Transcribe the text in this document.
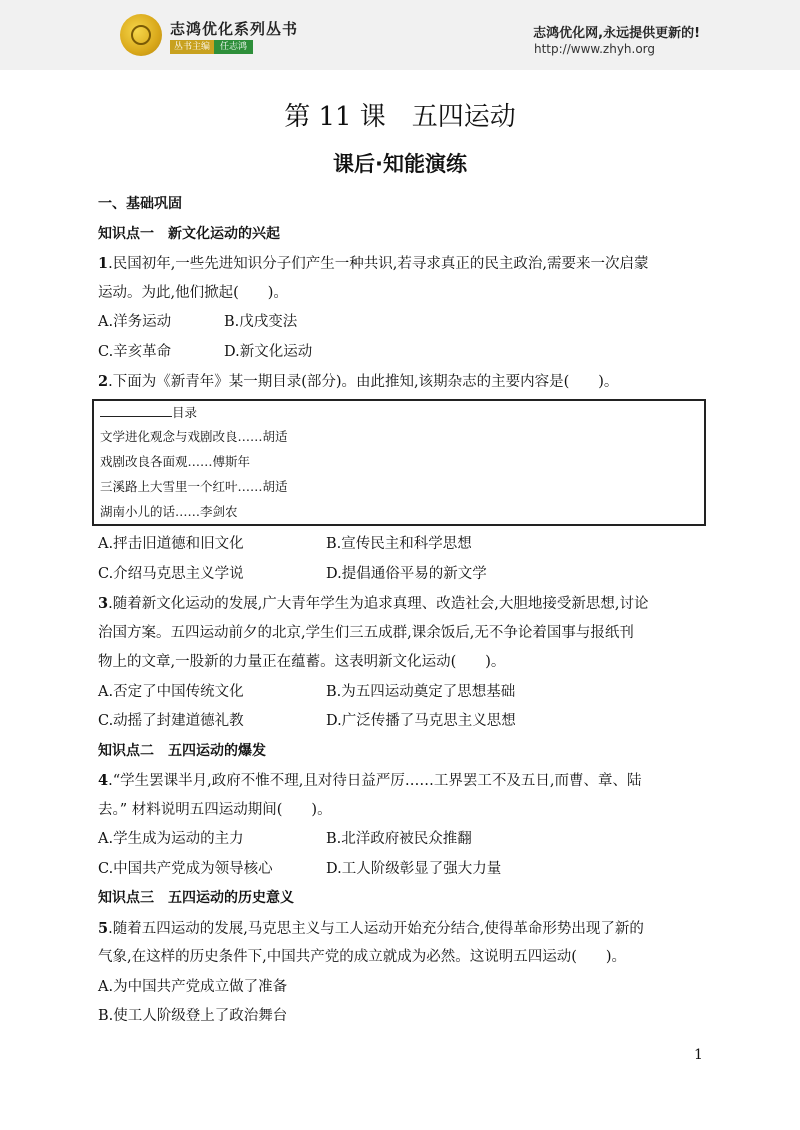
志鸿优化系列丛书
丛书主编	任志鸿
志鸿优化网,永远提供更新的!
http://www.zhyh.org
第 11 课　五四运动
课后·知能演练
一、基础巩固
知识点一　新文化运动的兴起
1.民国初年,一些先进知识分子们产生一种共识,若寻求真正的民主政治,需要来一次启蒙
运动。为此,他们掀起(　　)。
A.洋务运动	B.戊戌变法
C.辛亥革命	D.新文化运动
2.下面为《新青年》某一期目录(部分)。由此推知,该期杂志的主要内容是(　　)。
目录
文学进化观念与戏剧改良……胡适
戏剧改良各面观……傅斯年
三溪路上大雪里一个红叶……胡适
湖南小儿的话……李剑农
A.抨击旧道德和旧文化	B.宣传民主和科学思想
C.介绍马克思主义学说	D.提倡通俗平易的新文学
3.随着新文化运动的发展,广大青年学生为追求真理、改造社会,大胆地接受新思想,讨论
治国方案。五四运动前夕的北京,学生们三五成群,课余饭后,无不争论着国事与报纸刊
物上的文章,一股新的力量正在蕴蓄。这表明新文化运动(　　)。
A.否定了中国传统文化	B.为五四运动奠定了思想基础
C.动摇了封建道德礼教	D.广泛传播了马克思主义思想
知识点二　五四运动的爆发
4.“学生罢课半月,政府不惟不理,且对待日益严厉……工界罢工不及五日,而曹、章、陆
去。” 材料说明五四运动期间(　　)。
A.学生成为运动的主力	B.北洋政府被民众推翻
C.中国共产党成为领导核心	D.工人阶级彰显了强大力量
知识点三　五四运动的历史意义
5.随着五四运动的发展,马克思主义与工人运动开始充分结合,使得革命形势出现了新的
气象,在这样的历史条件下,中国共产党的成立就成为必然。这说明五四运动(　　)。
A.为中国共产党成立做了准备
B.使工人阶级登上了政治舞台
1
